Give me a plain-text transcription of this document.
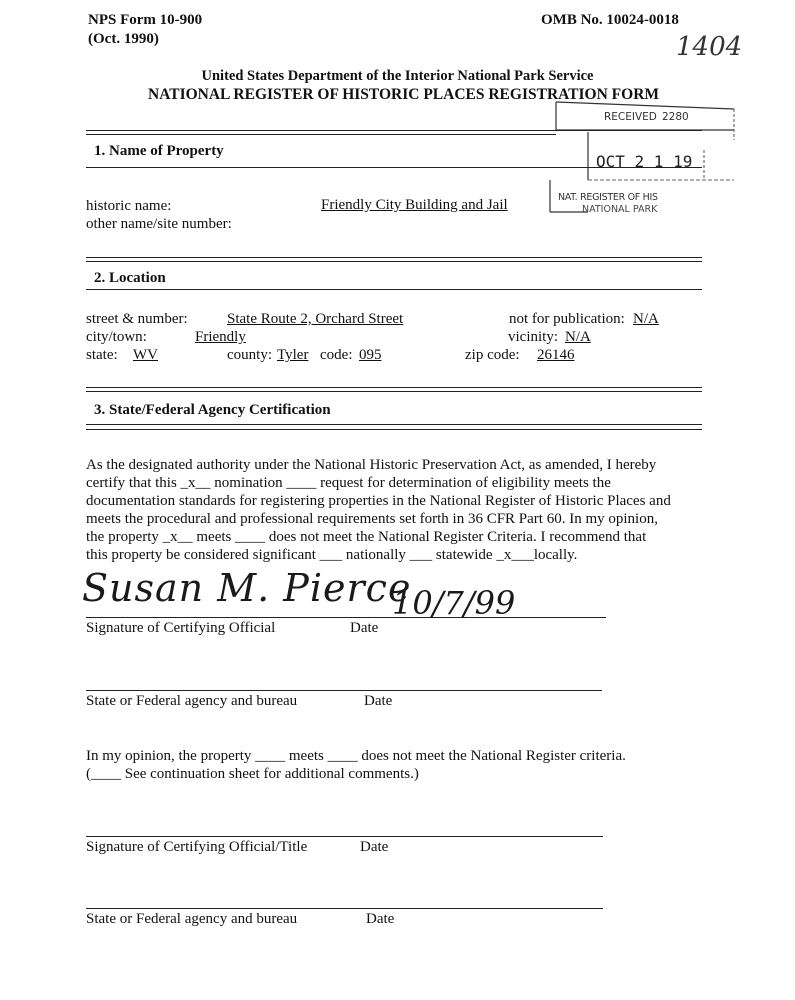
NPS Form 10-900
(Oct. 1990)
OMB No. 10024-0018
1404
United States Department of the Interior National Park Service
NATIONAL REGISTER OF HISTORIC PLACES REGISTRATION FORM
RECEIVED 2280
OCT 2 1 19
NAT. REGISTER OF HIS
NATIONAL PARK
1. Name of Property
historic name:	Friendly City Building and Jail
other name/site number:
2. Location
street & number:	State Route 2, Orchard Street	not for publication: N/A
city/town:	Friendly	vicinity: N/A
state: WV	county: Tyler code: 095	zip code: 26146
3. State/Federal Agency Certification
As the designated authority under the National Historic Preservation Act, as amended, I hereby
certify that this _x__ nomination ____ request for determination of eligibility meets the
documentation standards for registering properties in the National Register of Historic Places and
meets the procedural and professional requirements set forth in 36 CFR Part 60. In my opinion,
the property _x__ meets ____ does not meet the National Register Criteria. I recommend that
this property be considered significant ___ nationally ___ statewide _x___locally.
Susan M. Pierce
10/7/99
Signature of Certifying Official	Date
State or Federal agency and bureau	Date
In my opinion, the property ____ meets ____ does not meet the National Register criteria.
(____ See continuation sheet for additional comments.)
Signature of Certifying Official/Title	Date
State or Federal agency and bureau	Date
